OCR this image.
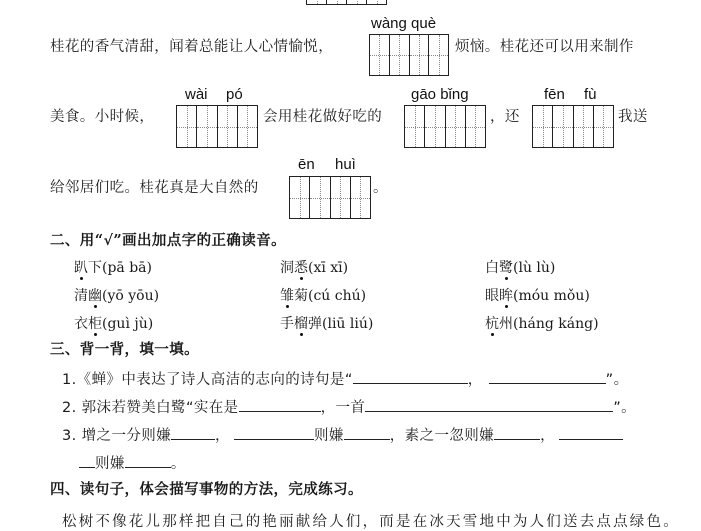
桂花的香气清甜，闻着总能让人心情愉悦，
wàng què
烦恼。桂花还可以用来制作
美食。小时候，
wài pó
会用桂花做好吃的
gāo bǐng
，还
fēn fù
我送
给邻居们吃。桂花真是大自然的
ēn huì
。
二、用“√”画出加点字的正确读音。
趴下(pā bā)	洞悉(xī xī)	白鹭(lù lù)
清幽(yō yōu)	雏菊(cú chú)	眼眸(móu mǒu)
衣柜(guì jù)	手榴弹(liū liú)	杭州(háng káng)
三、背一背，填一填。
1.《蝉》中表达了诗人高洁的志向的诗句是“	，	”。
2. 郭沫若赞美白鹭“实在是	，一首	”。
3. 增之一分则嫌	，	则嫌	，素之一忽则嫌	，
则嫌	。
四、读句子，体会描写事物的方法，完成练习。
松树不像花儿那样把自己的艳丽献给人们，而是在冰天雪地中为人们送去点点绿色。
